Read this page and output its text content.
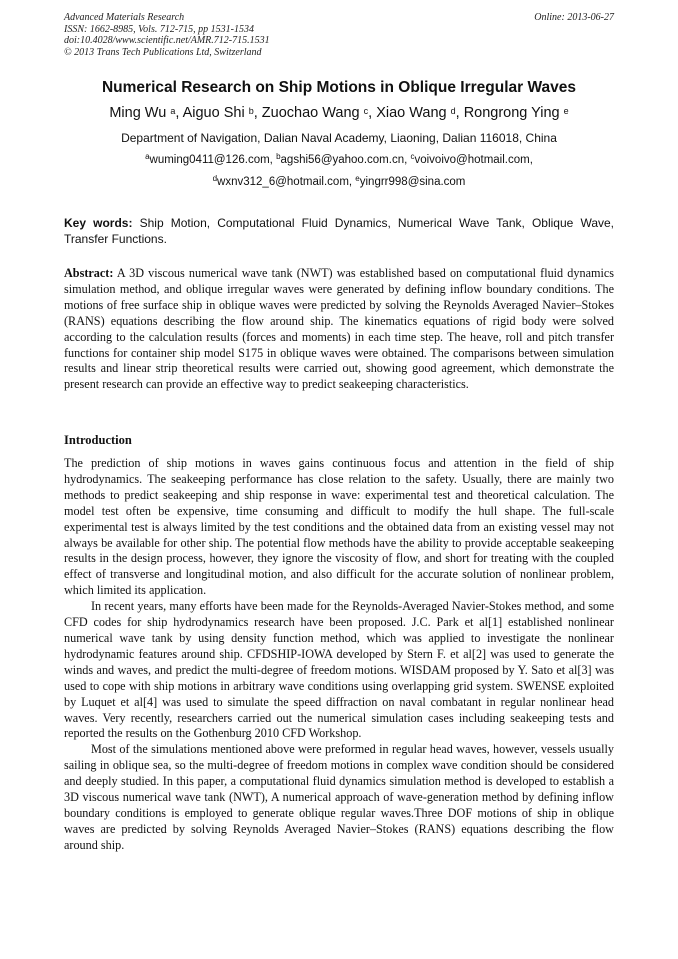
Advanced Materials Research
ISSN: 1662-8985, Vols. 712-715, pp 1531-1534
doi:10.4028/www.scientific.net/AMR.712-715.1531
© 2013 Trans Tech Publications Ltd, Switzerland
Online: 2013-06-27
Numerical Research on Ship Motions in Oblique Irregular Waves
Ming Wu $^a$, Aiguo Shi $^b$, Zuochao Wang $^c$, Xiao Wang $^d$, Rongrong Ying $^e$
Department of Navigation, Dalian Naval Academy, Liaoning, Dalian 116018, China
$^a$wuming0411@126.com, $^b$agshi56@yahoo.com.cn, $^c$voivoivo@hotmail.com,
$^d$wxnv312_6@hotmail.com, $^e$yingrr998@sina.com
Key words: Ship Motion, Computational Fluid Dynamics, Numerical Wave Tank, Oblique Wave, Transfer Functions.

Abstract: A 3D viscous numerical wave tank (NWT) was established based on computational fluid dynamics simulation method, and oblique irregular waves were generated by defining inflow boundary conditions. The motions of free surface ship in oblique waves were predicted by solving the Reynolds Averaged Navier–Stokes (RANS) equations describing the flow around ship. The kinematics equations of rigid body were solved according to the calculation results (forces and moments) in each time step. The heave, roll and pitch transfer functions for container ship model S175 in oblique waves were obtained. The comparisons between simulation results and linear strip theoretical results were carried out, showing good agreement, which demonstrate the present research can provide an effective way to predict seakeeping characteristics.

Introduction

The prediction of ship motions in waves gains continuous focus and attention in the field of ship hydrodynamics. The seakeeping performance has close relation to the safety. Usually, there are mainly two methods to predict seakeeping and ship response in wave: experimental test and theoretical calculation. The model test often be expensive, time consuming and difficult to modify the hull shape. The full-scale experimental test is always limited by the test conditions and the obtained data from an existing vessel may not always be available for other ship. The potential flow methods have the ability to provide acceptable seakeeping results in the design process, however, they ignore the viscosity of flow, and short for treating with the coupled effect of transverse and longitudinal motion, and also difficult for the accurate solution of nonlinear problem, which limited its application.

In recent years, many efforts have been made for the Reynolds-Averaged Navier-Stokes method, and some CFD codes for ship hydrodynamics research have been proposed. J.C. Park et al[1] established nonlinear numerical wave tank by using density function method, which was applied to investigate the nonlinear hydrodynamic features around ship. CFDSHIP-IOWA developed by Stern F. et al[2] was used to generate the winds and waves, and predict the multi-degree of freedom motions. WISDAM proposed by Y. Sato et al[3] was used to cope with ship motions in arbitrary wave conditions using overlapping grid system. SWENSE exploited by Luquet et al[4] was used to simulate the speed diffraction on naval combatant in regular nonlinear head waves. Very recently, researchers carried out the numerical simulation cases including seakeeping tests and reported the results on the Gothenburg 2010 CFD Workshop.

Most of the simulations mentioned above were preformed in regular head waves, however, vessels usually sailing in oblique sea, so the multi-degree of freedom motions in complex wave condition should be considered and deeply studied. In this paper, a computational fluid dynamics simulation method is developed to establish a 3D viscous numerical wave tank (NWT), A numerical approach of wave-generation method by defining inflow boundary conditions is employed to generate oblique regular waves.Three DOF motions of ship in oblique waves are predicted by solving Reynolds Averaged Navier–Stokes (RANS) equations describing the flow around ship.
